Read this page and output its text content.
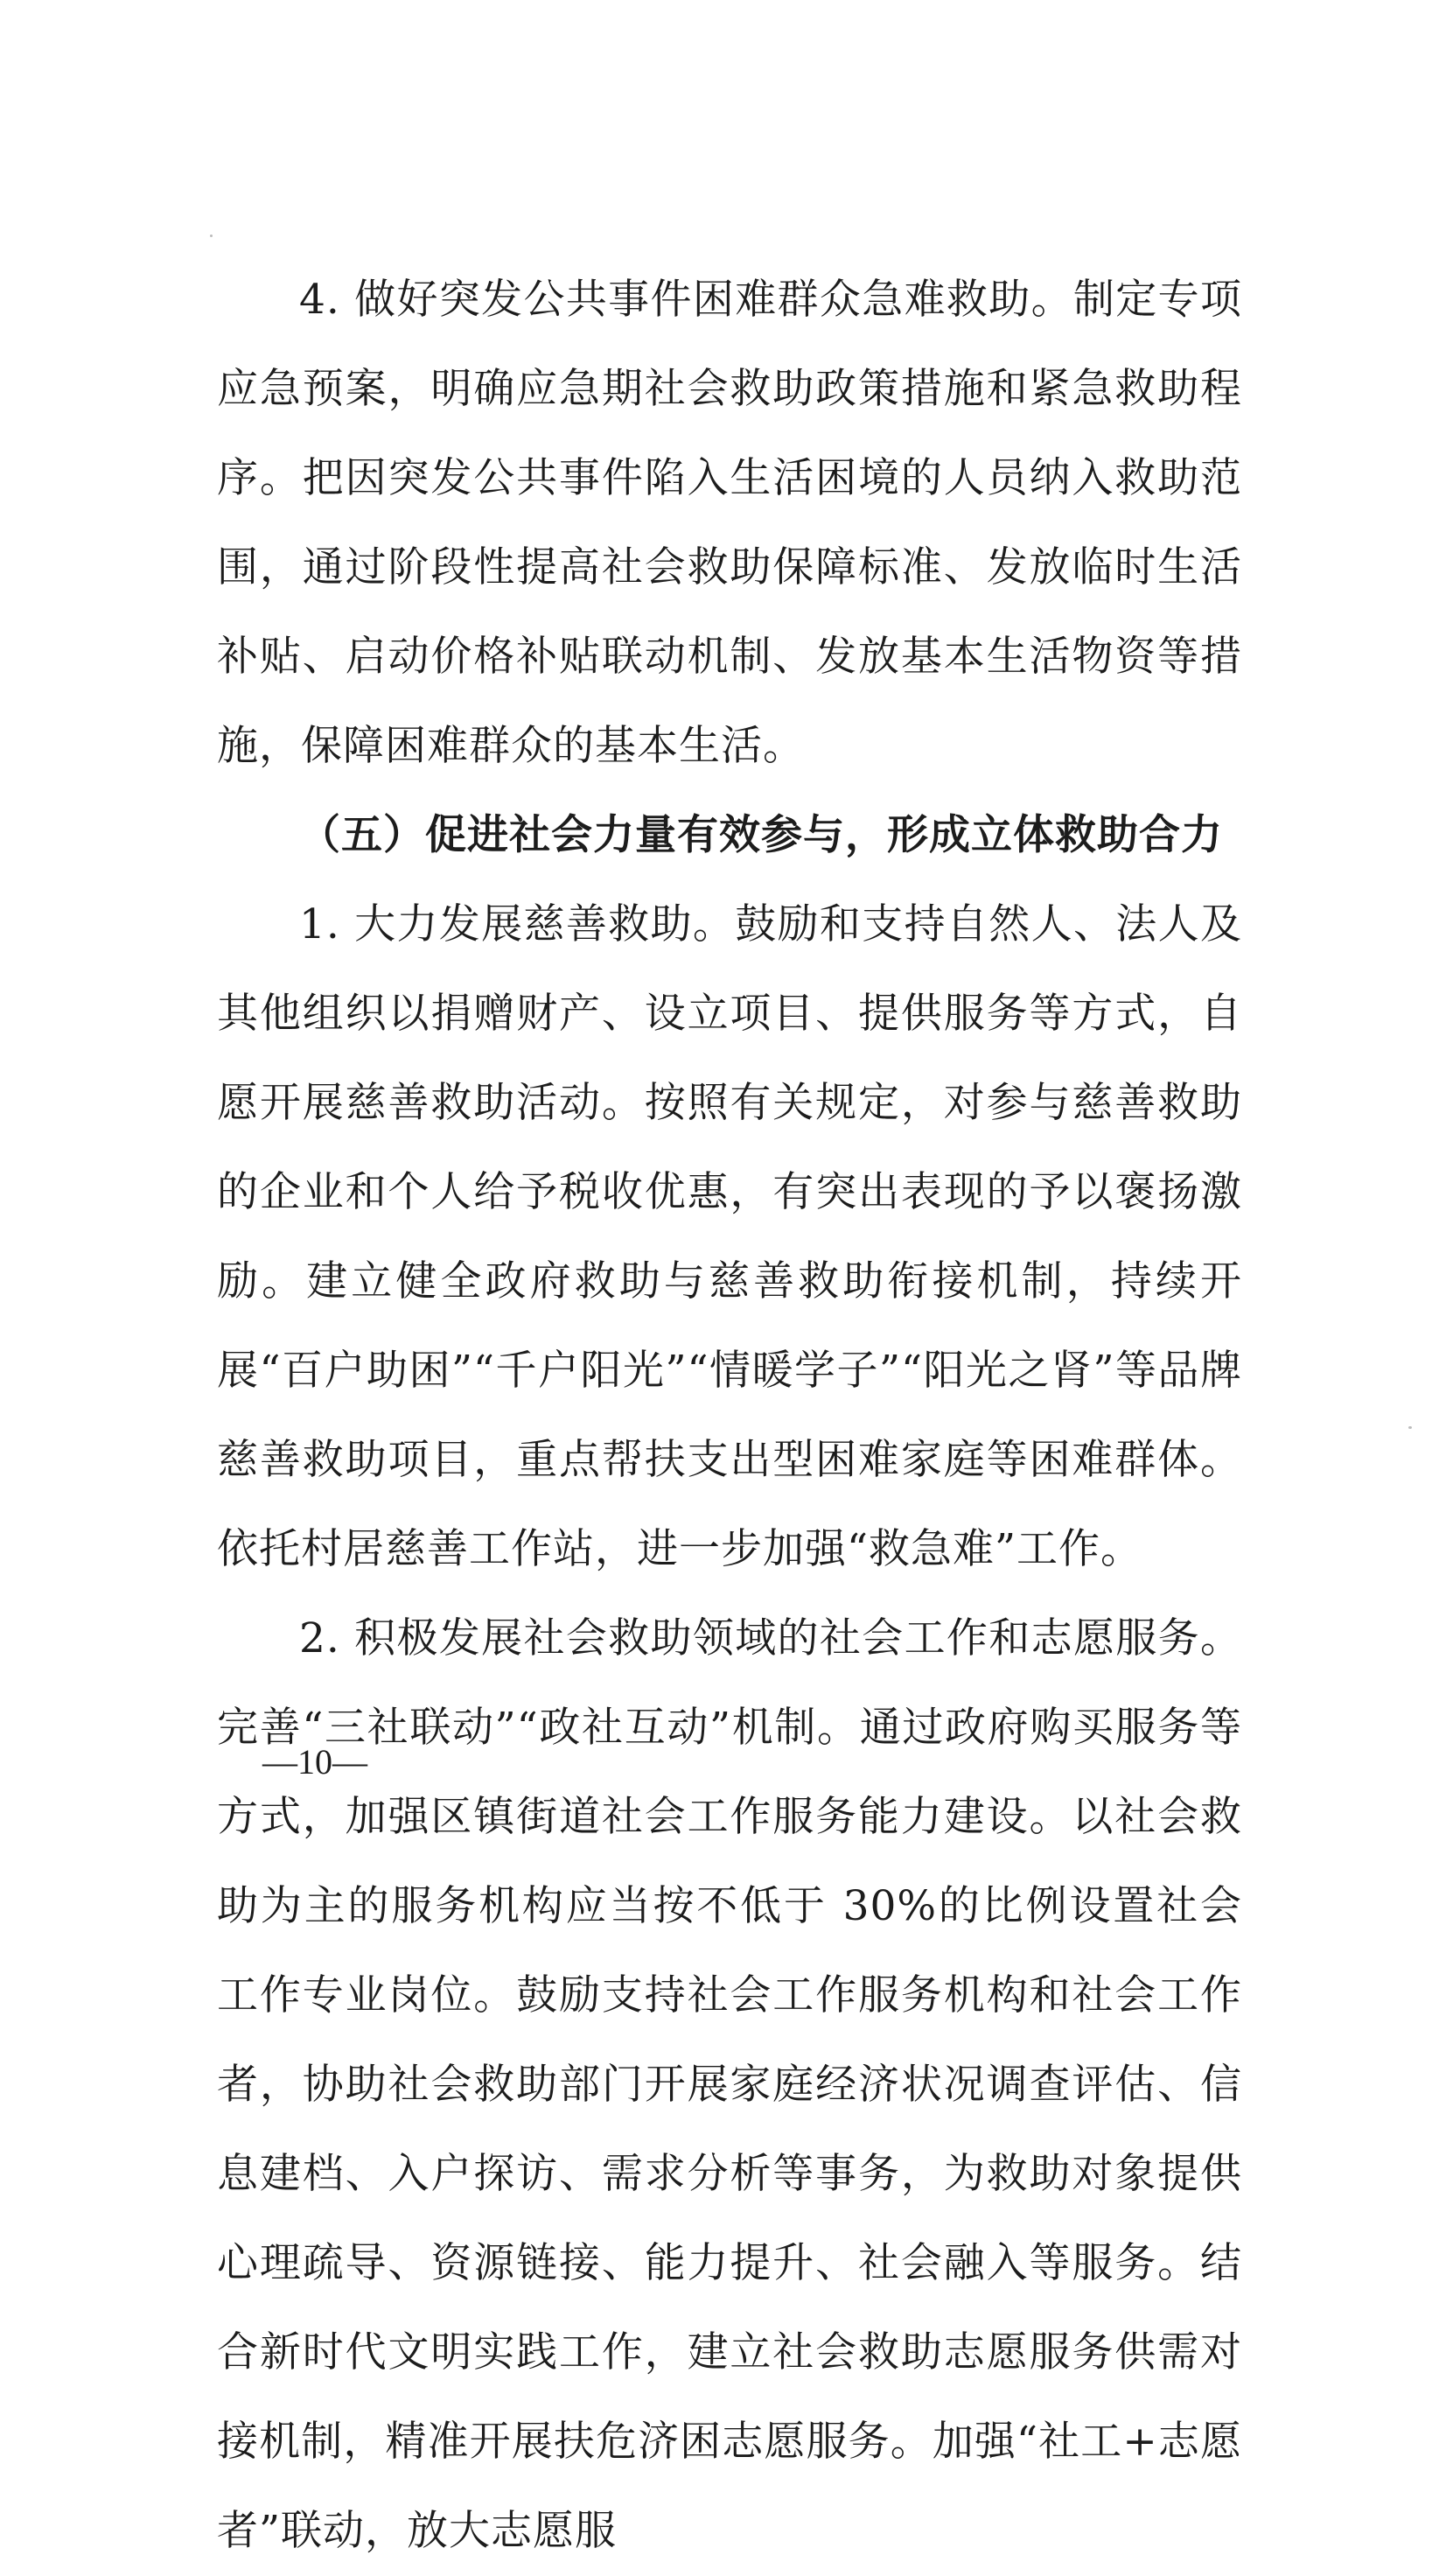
4. 做好突发公共事件困难群众急难救助。制定专项应急预案，明确应急期社会救助政策措施和紧急救助程序。把因突发公共事件陷入生活困境的人员纳入救助范围，通过阶段性提高社会救助保障标准、发放临时生活补贴、启动价格补贴联动机制、发放基本生活物资等措施，保障困难群众的基本生活。

（五）促进社会力量有效参与，形成立体救助合力

1. 大力发展慈善救助。鼓励和支持自然人、法人及其他组织以捐赠财产、设立项目、提供服务等方式，自愿开展慈善救助活动。按照有关规定，对参与慈善救助的企业和个人给予税收优惠，有突出表现的予以褒扬激励。建立健全政府救助与慈善救助衔接机制，持续开展“百户助困”“千户阳光”“情暖学子”“阳光之肾”等品牌慈善救助项目，重点帮扶支出型困难家庭等困难群体。依托村居慈善工作站，进一步加强“救急难”工作。

2. 积极发展社会救助领域的社会工作和志愿服务。完善“三社联动”“政社互动”机制。通过政府购买服务等方式，加强区镇街道社会工作服务能力建设。以社会救助为主的服务机构应当按不低于 30%的比例设置社会工作专业岗位。鼓励支持社会工作服务机构和社会工作者，协助社会救助部门开展家庭经济状况调查评估、信息建档、入户探访、需求分析等事务，为救助对象提供心理疏导、资源链接、能力提升、社会融入等服务。结合新时代文明实践工作，建立社会救助志愿服务供需对接机制，精准开展扶危济困志愿服务。加强“社工+志愿者”联动，放大志愿服

—10—
